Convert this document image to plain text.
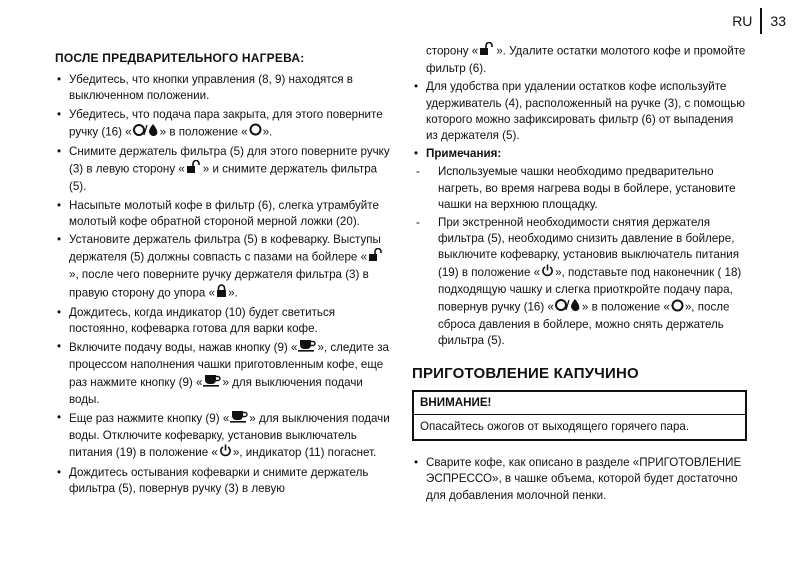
RU 33
ПОСЛЕ ПРЕДВАРИТЕЛЬНОГО НАГРЕВА:
• Убедитесь, что кнопки управления (8, 9) находятся в выключенном положении.
• Убедитесь, что подача пара закрыта, для этого поверните ручку (16) « » в положение « ».
• Снимите держатель фильтра (5) для этого поверните ручку (3) в левую сторону « » и снимите держатель фильтра (5).
• Насыпьте молотый кофе в фильтр (6), слегка утрамбуйте молотый кофе обратной стороной мерной ложки (20).
• Установите держатель фильтра (5) в кофеварку. Выступы держателя (5) должны совпасть с пазами на бойлере «», после чего поверните ручку держателя фильтра (3) в правую сторону до упора « ».
• Дождитесь, когда индикатор (10) будет светиться постоянно, кофеварка готова для варки кофе.
• Включите подачу воды, нажав кнопку (9) « », следите за процессом наполнения чашки приготовленным кофе, еще раз нажмите кнопку (9) « » для выключения подачи воды.
• Еще раз нажмите кнопку (9) « » для выключения подачи воды. Отключите кофеварку, установив выключатель питания (19) в положение « », индикатор (11) погаснет.
• Дождитесь остывания кофеварки и снимите держатель фильтра (5), повернув ручку (3) в левую
сторону « ». Удалите остатки молотого кофе и промойте фильтр (6).
• Для удобства при удалении остатков кофе используйте удерживатель (4), расположенный на ручке (3), с помощью которого можно зафиксировать фильтр (6) от выпадения из держателя (5).
• Примечания:
- Используемые чашки необходимо предварительно нагреть, во время нагрева воды в бойлере, установите чашки на верхнюю площадку.
- При экстренной необходимости снятия держателя фильтра (5), необходимо снизить давление в бойлере, выключите кофеварку, установив выключатель питания (19) в положение « », подставьте под наконечник ( 18) подходящую чашку и слегка приоткройте подачу пара, повернув ручку (16) « » в положение « », после сброса давления в бойлере, можно снять держатель фильтра (5).
ПРИГОТОВЛЕНИЕ КАПУЧИНО
ВНИМАНИЕ!
Опасайтесь ожогов от выходящего горячего пара.
• Сварите кофе, как описано в разделе «ПРИГОТОВЛЕНИЕ ЭСПРЕССО», в чашке объема, которой будет достаточно для добавления молочной пенки.
